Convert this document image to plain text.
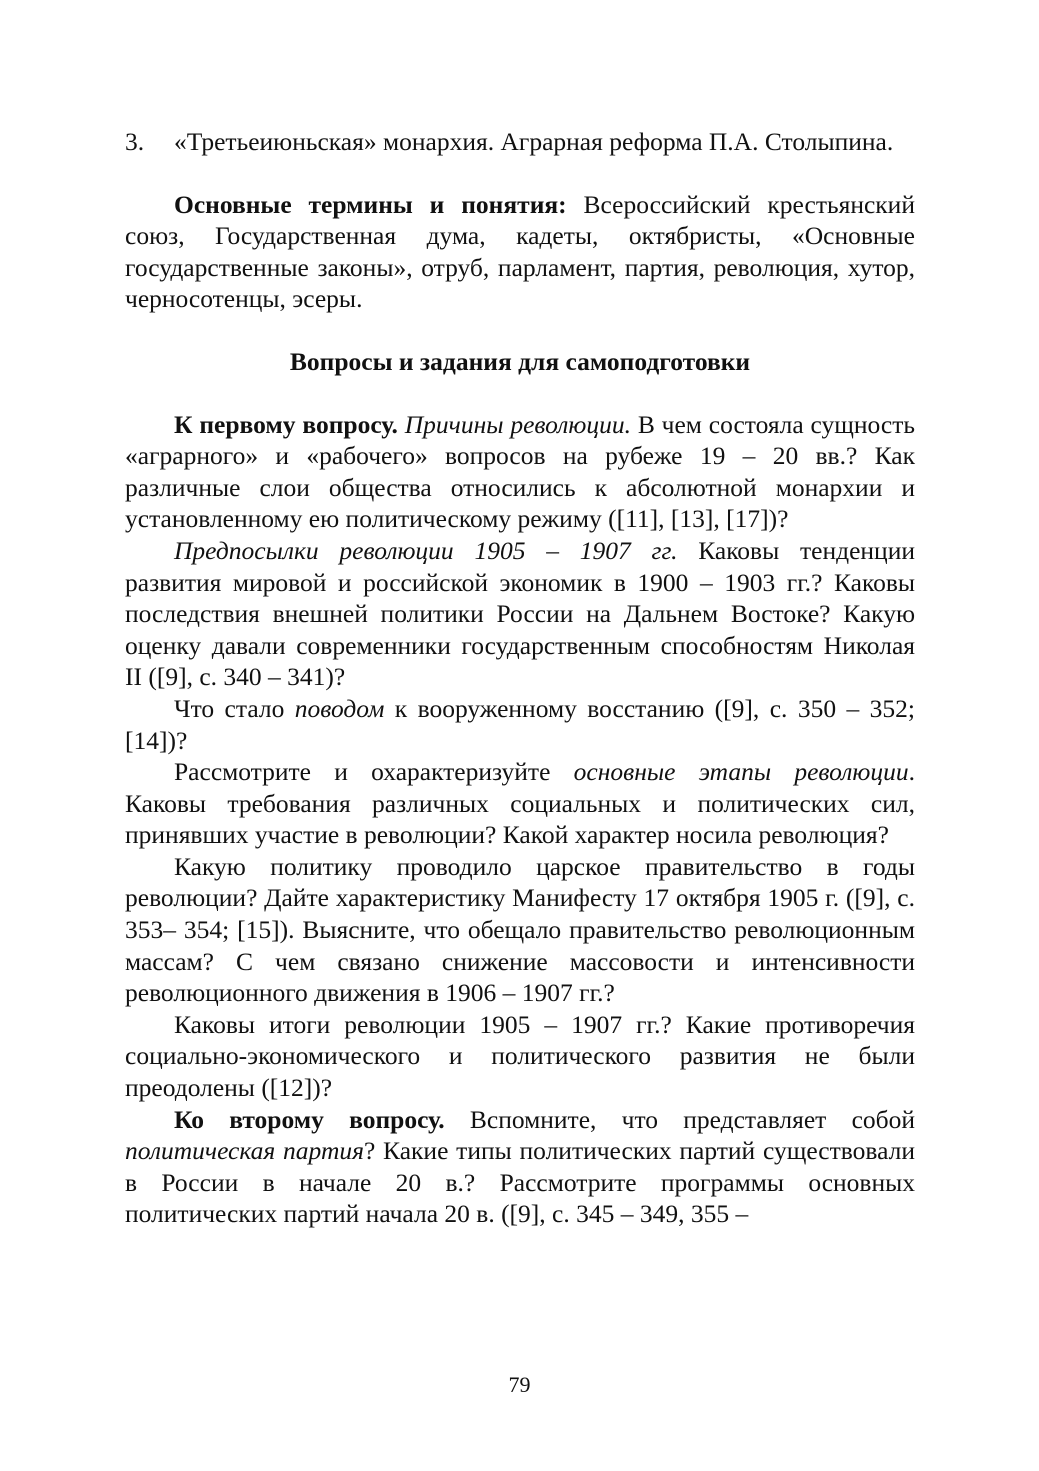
3.	«Третьеиюньская» монархия. Аграрная реформа П.А. Столыпина.

Основные термины и понятия: Всероссийский крестьянский союз, Государственная дума, кадеты, октябристы, «Основные государственные законы», отруб, парламент, партия, революция, хутор, черносотенцы, эсеры.

Вопросы и задания для самоподготовки

К первому вопросу. Причины революции. В чем состояла сущность «аграрного» и «рабочего» вопросов на рубеже 19 – 20 вв.? Как различные слои общества относились к абсолютной монархии и установленному ею политическому режиму ([11], [13], [17])?

Предпосылки революции 1905 – 1907 гг. Каковы тенденции развития мировой и российской экономик в 1900 – 1903 гг.? Каковы последствия внешней политики России на Дальнем Востоке? Какую оценку давали современники государственным способностям Николая II ([9], с. 340 – 341)?

Что стало поводом к вооруженному восстанию ([9], с. 350 – 352; [14])?

Рассмотрите и охарактеризуйте основные этапы революции. Каковы требования различных социальных и политических сил, принявших участие в революции? Какой характер носила революция?

Какую политику проводило царское правительство в годы революции? Дайте характеристику Манифесту 17 октября 1905 г. ([9], с. 353– 354; [15]). Выясните, что обещало правительство революционным массам? С чем связано снижение массовости и интенсивности революционного движения в 1906 – 1907 гг.?

Каковы итоги революции 1905 – 1907 гг.? Какие противоречия социально-экономического и политического развития не были преодолены ([12])?

Ко второму вопросу. Вспомните, что представляет собой политическая партия? Какие типы политических партий существовали в России в начале 20 в.? Рассмотрите программы основных политических партий начала 20 в. ([9], с. 345 – 349, 355 –

79
